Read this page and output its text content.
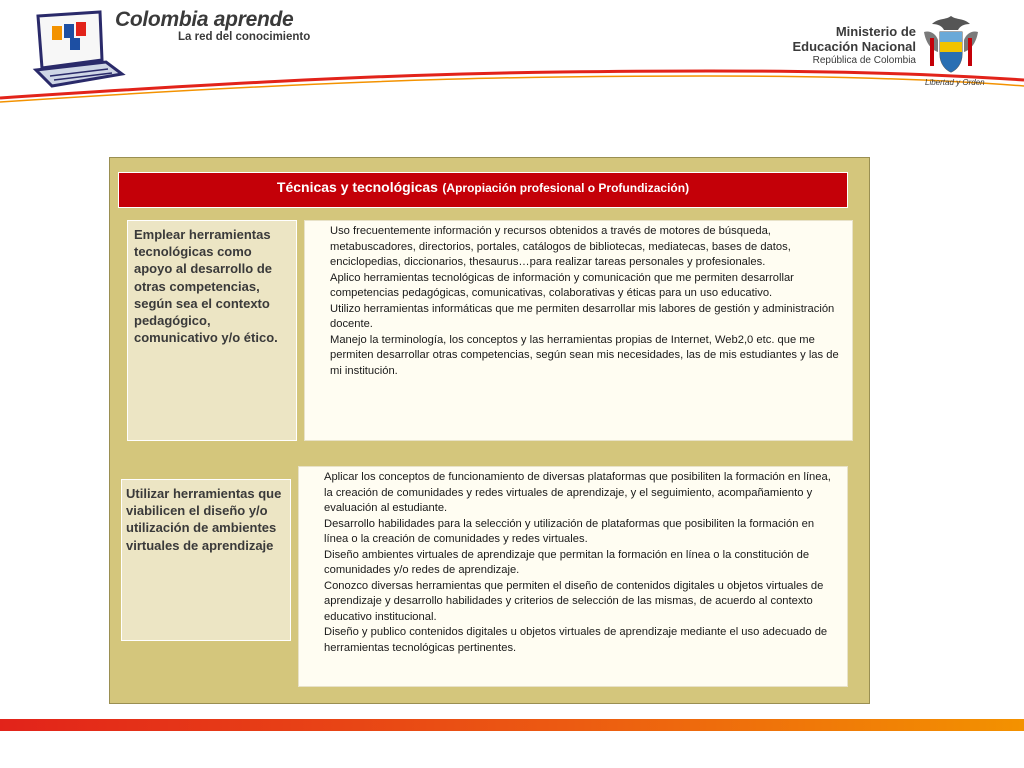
Colombia aprende
La red del conocimiento	Ministerio de
Educación Nacional
República de Colombia
Libertad y Orden
Técnicas y tecnológicas (Apropiación profesional o Profundización)
Emplear herramientas tecnológicas como apoyo al desarrollo de otras competencias, según sea el contexto pedagógico, comunicativo y/o ético.

Uso frecuentemente información y recursos obtenidos a través de motores de búsqueda, metabuscadores, directorios, portales, catálogos de bibliotecas, mediatecas, bases de datos, enciclopedias, diccionarios, thesaurus…para realizar tareas personales y profesionales.

Aplico herramientas tecnológicas de información y comunicación que me permiten desarrollar competencias pedagógicas, comunicativas, colaborativas y éticas para un uso educativo.

Utilizo herramientas informáticas que me permiten desarrollar mis labores de gestión y administración docente.

Manejo la terminología, los conceptos y las herramientas propias de Internet, Web2,0 etc. que me permiten desarrollar otras competencias, según sean mis necesidades, las de mis estudiantes y las de mi institución.

Utilizar herramientas que viabilicen el diseño y/o utilización de ambientes virtuales de aprendizaje

Aplicar los conceptos de funcionamiento de diversas plataformas que posibiliten la formación en línea, la creación de comunidades y redes virtuales de aprendizaje, y el seguimiento, acompañamiento y evaluación al estudiante.

Desarrollo habilidades para la selección y utilización de plataformas que posibiliten la formación en línea o la creación de comunidades y redes virtuales.

Diseño ambientes virtuales de aprendizaje que permitan la formación en línea o la constitución de comunidades y/o redes de aprendizaje.

Conozco diversas herramientas que permiten el diseño de contenidos digitales u objetos virtuales de aprendizaje y desarrollo habilidades y criterios de selección de las mismas, de acuerdo al contexto educativo institucional.

Diseño y publico contenidos digitales u objetos virtuales de aprendizaje mediante el uso adecuado de herramientas tecnológicas pertinentes.
